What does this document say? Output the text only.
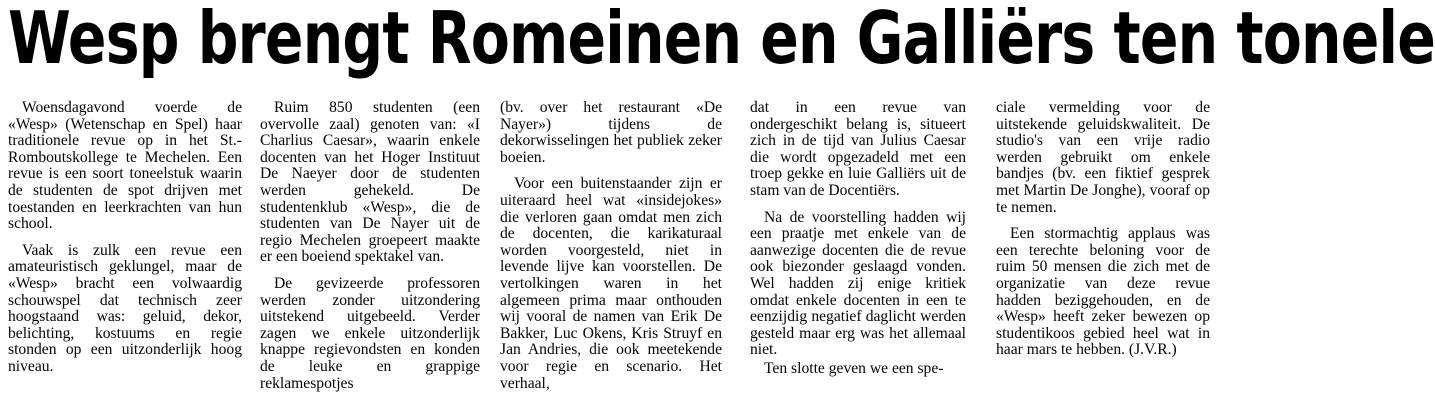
Wesp brengt Romeinen en Galliërs ten tonele

Woensdagavond voerde de «Wesp» (Wetenschap en Spel) haar traditionele revue op in het St.-Romboutskollege te Mechelen. Een revue is een soort toneelstuk waarin de studenten de spot drijven met toestanden en leerkrachten van hun school.

Vaak is zulk een revue een amateuristisch geklungel, maar de «Wesp» bracht een volwaardig schouwspel dat technisch zeer hoogstaand was: geluid, dekor, belichting, kostuums en regie stonden op een uitzonderlijk hoog niveau.

Ruim 850 studenten (een overvolle zaal) genoten van: «I Charlius Caesar», waarin enkele docenten van het Hoger Instituut De Naeyer door de studenten werden gehekeld. De studentenklub «Wesp», die de studenten van De Nayer uit de regio Mechelen groepeert maakte er een boeiend spektakel van.

De gevizeerde professoren werden zonder uitzondering uitstekend uitgebeeld. Verder zagen we enkele uitzonderlijk knappe regievondsten en konden de leuke en grappige reklamespotjes

(bv. over het restaurant «De Nayer») tijdens de dekorwisselingen het publiek zeker boeien.

Voor een buitenstaander zijn er uiteraard heel wat «insidejokes» die verloren gaan omdat men zich de docenten, die karikaturaal worden voorgesteld, niet in levende lijve kan voorstellen. De vertolkingen waren in het algemeen prima maar onthouden wij vooral de namen van Erik De Bakker, Luc Okens, Kris Struyf en Jan Andries, die ook meetekende voor regie en scenario. Het verhaal,

dat in een revue van ondergeschikt belang is, situeert zich in de tijd van Julius Caesar die wordt opgezadeld met een troep gekke en luie Galliërs uit de stam van de Docentiërs.

Na de voorstelling hadden wij een praatje met enkele van de aanwezige docenten die de revue ook biezonder geslaagd vonden. Wel hadden zij enige kritiek omdat enkele docenten in een te eenzijdig negatief daglicht werden gesteld maar erg was het allemaal niet.

Ten slotte geven we een spe-

ciale vermelding voor de uitstekende geluidskwaliteit. De studio's van een vrije radio werden gebruikt om enkele bandjes (bv. een fiktief gesprek met Martin De Jonghe), vooraf op te nemen.

Een stormachtig applaus was een terechte beloning voor de ruim 50 mensen die zich met de organizatie van deze revue hadden beziggehouden, en de «Wesp» heeft zeker bewezen op studentikoos gebied heel wat in haar mars te hebben. (J.V.R.)
